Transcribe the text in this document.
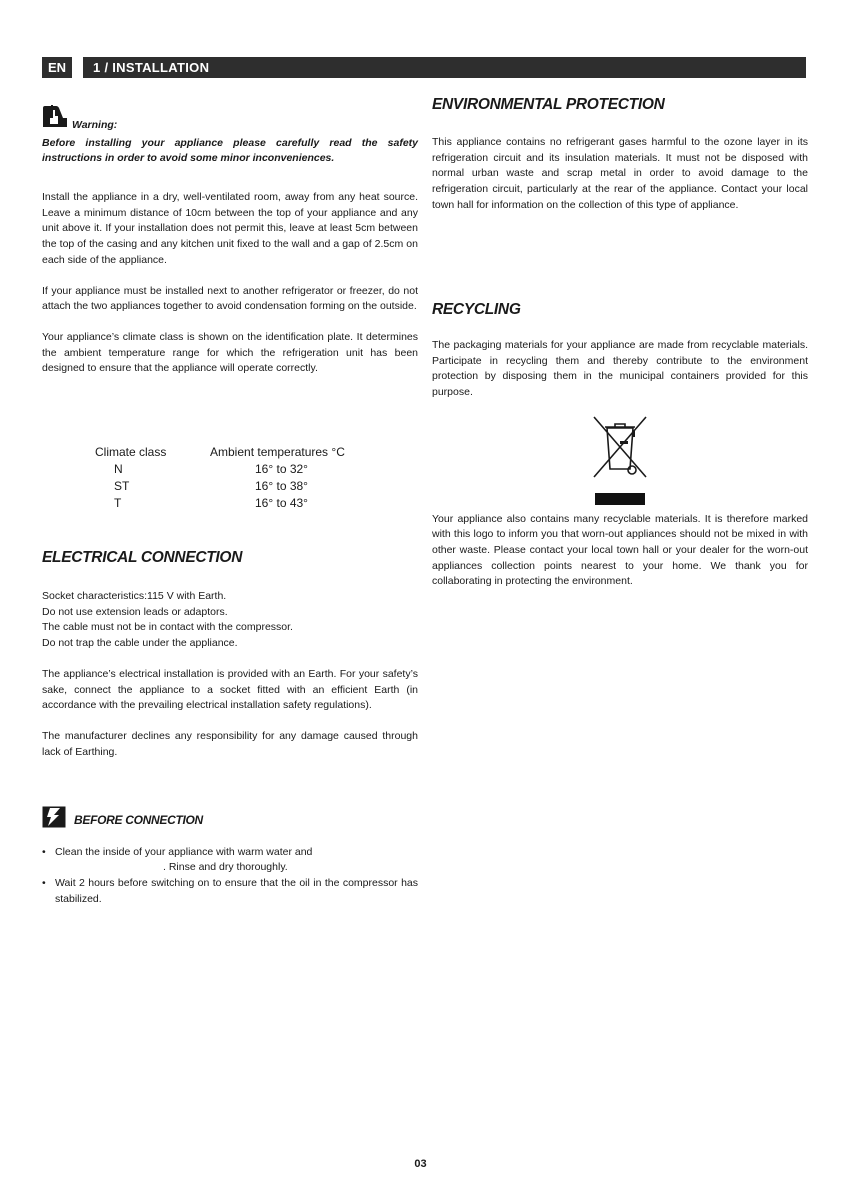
EN	1 / INSTALLATION
Warning:

Before installing your appliance please carefully read the safety instructions in order to avoid some minor inconveniences.

Install the appliance in a dry, well-ventilated room, away from any heat source. Leave a minimum distance of 10cm between the top of your appliance and any unit above it. If your installation does not permit this, leave at least 5cm between the top of the casing and any kitchen unit fixed to the wall and a gap of 2.5cm on each side of the appliance.

If your appliance must be installed next to another refrigerator or freezer, do not attach the two appliances together to avoid condensation forming on the outside.

Your appliance’s climate class is shown on the identification plate. It determines the ambient temperature range for which the refrigeration unit has been designed to ensure that the appliance will operate correctly.

Climate class	Ambient temperatures °C
N	16° to 32°
ST	16° to 38°
T	16° to 43°
ELECTRICAL CONNECTION
Socket characteristics:115 V with Earth.
Do not use extension leads or adaptors.
The cable must not be in contact with the compressor.
Do not trap the cable under the appliance.

The appliance’s electrical installation is provided with an Earth. For your safety’s sake, connect the appliance to a socket fitted with an efficient Earth (in accordance with the prevailing electrical installation safety regulations).

The manufacturer declines any responsibility for any damage caused through lack of Earthing.

BEFORE CONNECTION
• Clean the inside of your appliance with warm water and
. Rinse and dry thoroughly.
• Wait 2 hours before switching on to ensure that the oil in the compressor has stabilized.

ENVIRONMENTAL PROTECTION

This appliance contains no refrigerant gases harmful to the ozone layer in its refrigeration circuit and its insulation materials. It must not be disposed with normal urban waste and scrap metal in order to avoid damage to the refrigeration circuit, particularly at the rear of the appliance. Contact your local town hall for information on the collection of this type of appliance.

RECYCLING

The packaging materials for your appliance are made from recyclable materials. Participate in recycling them and thereby contribute to the environment protection by disposing them in the municipal containers provided for this purpose.

Your appliance also contains many recyclable materials. It is therefore marked with this logo to inform you that worn-out appliances should not be mixed in with other waste. Please contact your local town hall or your dealer for the worn-out appliances collection points nearest to your home. We thank you for collaborating in protecting the environment.

03
